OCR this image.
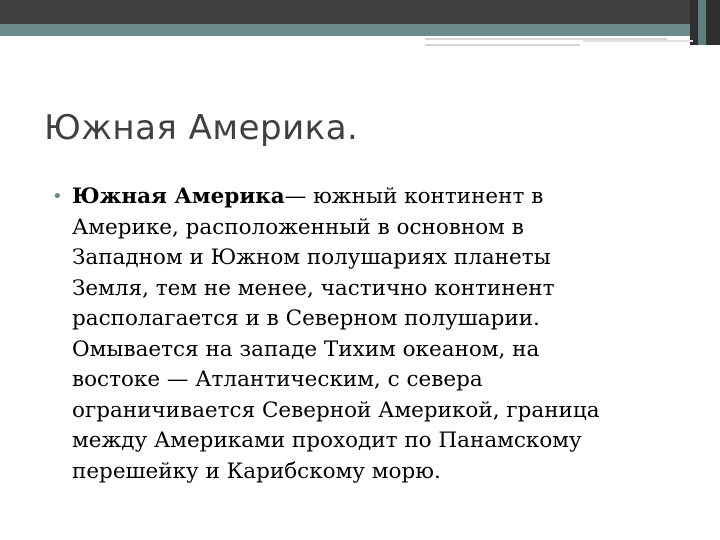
Южная Америка.
• Южная Америка— южный континент в
Америке, расположенный в основном в
Западном и Южном полушариях планеты
Земля, тем не менее, частично континент
располагается и в Северном полушарии.
Омывается на западе Тихим океаном, на
востоке — Атлантическим, с севера
ограничивается Северной Америкой, граница
между Америками проходит по Панамскому
перешейку и Карибскому морю.
